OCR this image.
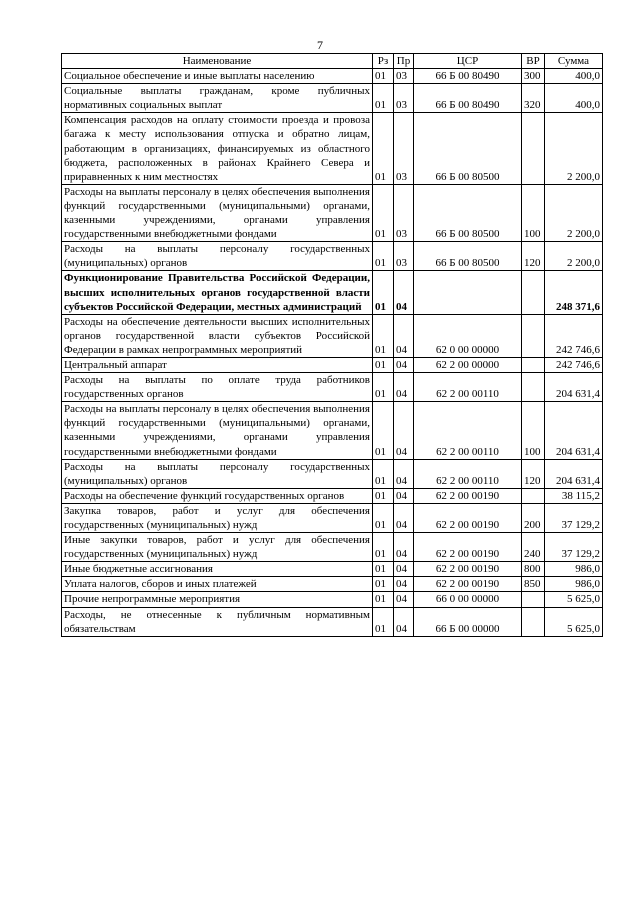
7
Наименование	Рз	Пр	ЦСР	ВР	Сумма
Социальное обеспечение и иные выплаты населению	01	03	66 Б 00 80490	300	400,0
Социальные выплаты гражданам, кроме публичных нормативных социальных выплат	01	03	66 Б 00 80490	320	400,0
Компенсация расходов на оплату стоимости проезда и провоза багажа к месту использования отпуска и обратно лицам, работающим в организациях, финансируемых из областного бюджета, расположенных в районах Крайнего Севера и приравненных к ним местностях	01	03	66 Б 00 80500		2 200,0
Расходы на выплаты персоналу в целях обеспечения выполнения функций государственными (муниципальными) органами, казенными учреждениями, органами управления государственными внебюджетными фондами	01	03	66 Б 00 80500	100	2 200,0
Расходы на выплаты персоналу государственных (муниципальных) органов	01	03	66 Б 00 80500	120	2 200,0
Функционирование Правительства Российской Федерации, высших исполнительных органов государственной власти субъектов Российской Федерации, местных администраций	01	04			248 371,6
Расходы на обеспечение деятельности высших исполнительных органов государственной власти субъектов Российской Федерации в рамках непрограммных мероприятий	01	04	62 0 00 00000		242 746,6
Центральный аппарат	01	04	62 2 00 00000		242 746,6
Расходы на выплаты по оплате труда работников государственных органов	01	04	62 2 00 00110		204 631,4
Расходы на выплаты персоналу в целях обеспечения выполнения функций государственными (муниципальными) органами, казенными учреждениями, органами управления государственными внебюджетными фондами	01	04	62 2 00 00110	100	204 631,4
Расходы на выплаты персоналу государственных (муниципальных) органов	01	04	62 2 00 00110	120	204 631,4
Расходы на обеспечение функций государственных органов	01	04	62 2 00 00190		38 115,2
Закупка товаров, работ и услуг для обеспечения государственных (муниципальных) нужд	01	04	62 2 00 00190	200	37 129,2
Иные закупки товаров, работ и услуг для обеспечения государственных (муниципальных) нужд	01	04	62 2 00 00190	240	37 129,2
Иные бюджетные ассигнования	01	04	62 2 00 00190	800	986,0
Уплата налогов, сборов и иных платежей	01	04	62 2 00 00190	850	986,0
Прочие непрограммные мероприятия	01	04	66 0 00 00000		5 625,0
Расходы, не отнесенные к публичным нормативным обязательствам	01	04	66 Б 00 00000		5 625,0
